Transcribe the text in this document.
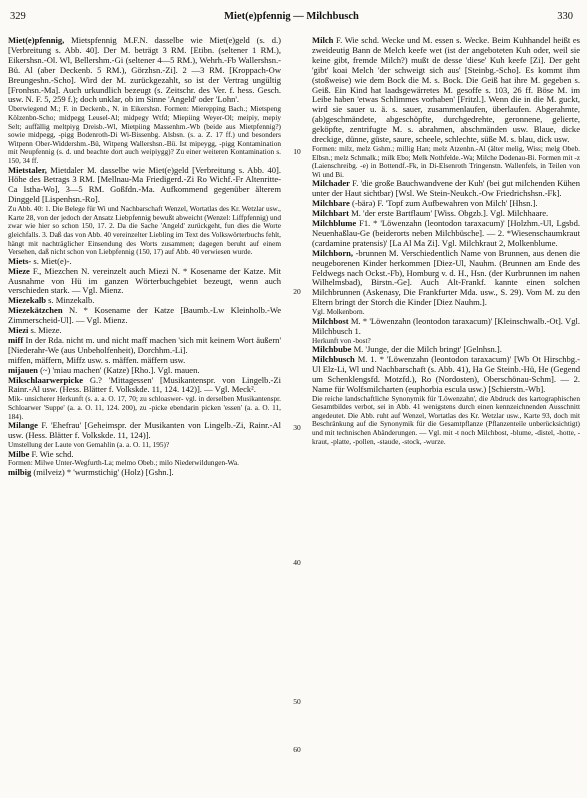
329	Miet(e)pfennig — Milchbusch	330

Miet(e)pfennig, Mietspfennig M.F.N. dasselbe wie Miet(e)geld (s. d.) [Verbreitung s. Abb. 40]. Der M. beträgt 3 RM. [Etibn. (seltener 1 RM.), Eikershsn.-Ol. Wl, Bellershm.-Gi (seltener 4—5 RM.), Wehrh.-Fb Wallershsn.-Bü. Al (aber Deckenb. 5 RM.), Görzhsn.-Zi]. 2 —3 RM. [Kroppach-Ow Breungeshn.-Scho]. Wird der M. zurückgezahlt, so ist der Vertrag ungültig [Fronhsn.-Ma]. Auch urkundlich bezeugt (s. Zeitschr. des Ver. f. hess. Gesch. usw. N. F. 5, 259 f.); doch unklar, ob im Sinne 'Angeld' oder 'Lohn'.

Überwiegend M.; F. in Deckenb., N. in Eikershsn. Formen: Mierepping Bach.; Mietspeng Kölzenbn-Scho; midpegg Leusel-Al; midpegy Wtfd; Miepiing Weyer-Ol; meipiy, mepiy Selt; auffällig meltpiyg Dreisb.-Wl, Mietpiing Massenhm.-Wb (beide aus Mietpfennig?) sowie midpegg, -pigg Bodenroth-Di Wi-Bissenbg. Alsbsn. (s. a. Z. 17 ff.) und besonders Witpenn Ober-Widdershm.-Bü, Witpeng Wallershsn.-Bü. Ist mipeygg, -pigg Kontamination mit Neupfennig (s. d. und beachte dort auch weipiygg)? Zu einer weiteren Kontamination s. 150, 34 ff.

Mietstaler, Mietdaler M. dasselbe wie Miet(e)geld [Verbreitung s. Abb. 40]. Höhe des Betrags 3 RM. [Mellnau-Ma Friedigerd.-Zi Ro Wichf.-Fr Altenritte-Ca Istha-Wo], 3—5 RM. Goßfdn.-Ma. Aufkommend gegenüber älterem Dinggeld [Lispenhsn.-Ro].

Zu Abb. 40: 1. Die Belege für Wi und Nachbarschaft Wenzel, Wortatlas des Kr. Wetzlar usw., Karte 28, von der jedoch der Ansatz Liebpfennig bewußt abweicht (Wenzel: Liffpfennig) und zwar wie hier so schon 150, 17. 2. Da die Sache 'Angeld' zurückgeht, fun dies die Worte gleichfalls. 3. Daß das von Abb. 40 vereinzelter Liebling im Text des Volkswörterbuchs fehlt, hängt mit nachträglicher Einsendung des Worts zusammen; dagegen beruht auf einem Versehen, daß nicht schon von Liebpfennig (150, 17) auf Abb. 40 verwiesen wurde.

Miets- s. Miet(e)-.

Mieze F., Miezchen N. vereinzelt auch Miezi N. * Kosename der Katze. Mit Ausnahme von Hü im ganzen Wörterbuchgebiet bezeugt, wenn auch verschieden stark. — Vgl. Mienz.

Miezekalb s. Minzekalb.

Miezekätzchen N. * Kosename der Katze [Baumb.-Lw Kleinholb.-We Zimmerscheid-Ul]. — Vgl. Mienz.

Miezi s. Mieze.

miff In der Rda. nicht m. und nicht maff machen 'sich mit keinem Wort äußern' [Niederahr-We (aus Unbeholfenheit), Dorchhm.-Li].

miffen, mäffern, Miffz usw. s. mäffen. mäffern usw.

mijauen (~) 'miau machen' (Katze) [Rho.]. Vgl. mauen.

Mikschlaarwerpicke G.? 'Mittagessen' [Musikantenspr. von Lingelb.-Zi Rainr.-Al usw. (Hess. Blätter f. Volkskde. 11, 124. 142)]. — Vgl. Meck².

Mik- unsicherer Herkunft (s. a. a. O. 17, 70; zu schloaswer- vgl. in derselben Musikantenspr. Schloarwer 'Suppe' (a. a. O. 11, 124. 200), zu -picke ebendarin picken 'essen' (a. a. O. 11, 184).

Milange F. 'Ehefrau' [Geheimspr. der Musikanten von Lingelb.-Zi, Rainr.-Al usw. (Hess. Blätter f. Volkskde. 11, 124)].

Umstellung der Laute von Gemahlin (a. a. O. 11, 195)?

Milbe F. Wie schd.

Formen: Milwe Unter-Wegfurth-La; melmo Obeb.; milo Niederwildungen-Wa.

milbig (milveiz) * 'wurmstichig' (Holz) [Gshn.].

10
20
30
40
50
60

Milch F. Wie schd. Wecke und M. essen s. Wecke. Beim Kuhhandel heißt es zweideutig Bann de Melch keefe wet (ist der angeboteten Kuh oder, weil sie keine gibt, fremde Milch?) mußt de desse 'diese' Kuh keefe [Zi]. Der geht 'gibt' koai Melch 'der schweigt sich aus' [Steinbg.-Scho]. Es kommt ihm (stoßweise) wie dem Bock die M. s. Bock. Die Geiß hat ihre M. gegeben s. Geiß. Ein Kind hat laadsgewärretes M. gesoffe s. 103, 26 ff. Böse M. im Leibe haben 'etwas Schlimmes vorhaben' [Fritzl.]. Wenn die in die M. guckt, wird sie sauer u. ä. s. sauer, zusammenlaufen, überlaufen. Abgerahmte, (ab)geschmändete, abgeschöpfte, durchgedrehte, geronnene, gelierte, geköpfte, zentrifugte M. s. abrahmen, abschmänden usw. Blaue, dicke dreckige, dünne, güste, saure, scheele, schlechte, süße M. s. blau, dick usw.

Formen: milz, melz Gshm.; millig Han; melz Atzenhn.-Al (älter melig, Wiss; melg Obeb. Elbsn.; melz Schmalk.; milk Ebo; Melk Nothfelde.-Wa; Milche Dodenau-Bi. Formen mit -z (Laienschreibg. -e) in Bottendf.-Fk, in Di-Elsenroth Tringenstn. Wallenfels, in Teilen von Wi und Bi.

Milchader F. 'die große Bauchwandvene der Kuh' (bei gut milchenden Kühen unter der Haut sichtbar) [Wsl. We Stein-Neukch.-Ow Friedrichshsn.-Fk].

Milchbare (-bärə) F. 'Topf zum Aufbewahren von Milch' [Hhsn.].

Milchbart M. 'der erste Bartflaum' [Wiss. Obgzb.]. Vgl. Milchhaare.

Milchblume F1. * 'Löwenzahn (leontodon taraxacum)' [Holzhm.-Ul, Lgsbd. Neuenhaßlau-Ge (beiderorts neben Milchbüsche]. — 2. *Wiesenschaumkraut (cardamine pratensis)' [La Al Ma Zi]. Vgl. Milchkraut 2, Molkenblume.

Milchborn, -brunnen M. Verschiedentlich Name von Brunnen, aus denen die neugeborenen Kinder herkommen [Diez-Ul, Nauhm. (Brunnen am Ende des Feldwegs nach Ockst.-Fb), Homburg v. d. H., Hsn. (der Kurbrunnen im nahen Wilhelmsbad), Birstn.-Ge]. Auch Alt-Frankf. kannte einen solchen Milchbrunnen (Askenasy, Die Frankfurter Mda. usw., S. 29). Vom M. zu den Eltern bringt der Storch die Kinder [Diez Nauhm.].

Vgl. Molkenborn.

Milchbost M. * 'Löwenzahn (leontodon taraxacum)' [Kleinschwalb.-Ot]. Vgl. Milchbusch 1.

Herkunft von -bost?

Milchbube M. 'Junge, der die Milch bringt' [Gelnhsn.].

Milchbusch M. 1. * 'Löwenzahn (leontodon taraxacum)' [Wb Ot Hirschbg.-Ul Elz-Li, Wl und Nachbarschaft (s. Abb. 41), Ha Ge Steinb.-Hü, He (Gegend um Schenklengsfd. Motzfd.), Ro (Nordosten), Oberschönau-Schm]. — 2. Name für Wolfsmilcharten (euphorbia escula usw.) [Schierstn.-Wb].

Die reiche landschaftliche Synonymik für 'Löwenzahn', die Abdruck des kartographischen Gesamtbildes verbot, sei in Abb. 41 wenigstens durch einen kennzeichnenden Ausschnitt angedeutet. Die Abb. ruht auf Wenzel, Wortatlas des Kr. Wetzlar usw., Karte 93, doch mit Beschränkung auf die Synonymik für die Gesamtpflanze (Pflanzenteile unberücksichtigt) und mit technischen Abänderungen. — Vgl. mit -t noch Milchbost, -blume, -distel, -hotte, -kraut, -platte, -pollen, -staude, -stock, -wurze.
